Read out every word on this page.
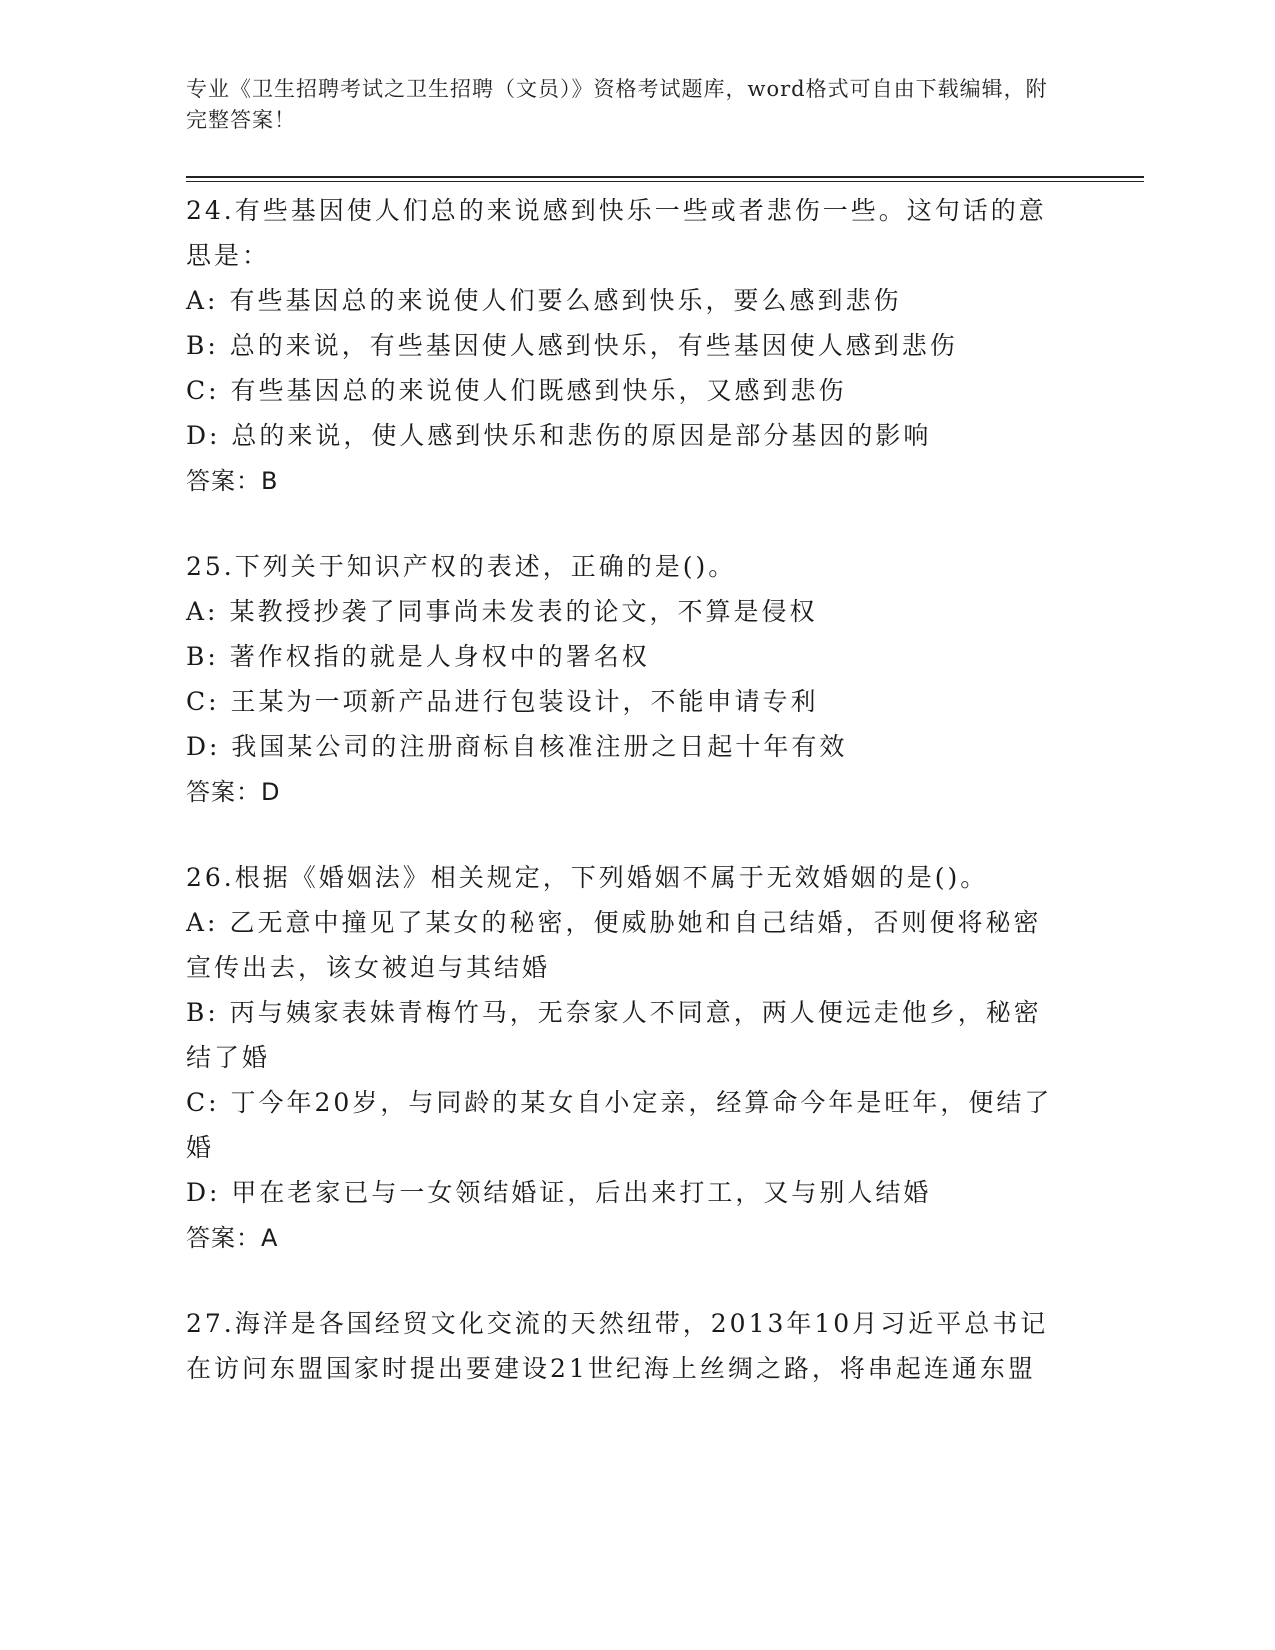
专业《卫生招聘考试之卫生招聘（文员）》资格考试题库，word格式可自由下载编辑，附完整答案！
24.有些基因使人们总的来说感到快乐一些或者悲伤一些。这句话的意思是：
A: 有些基因总的来说使人们要么感到快乐，要么感到悲伤
B: 总的来说，有些基因使人感到快乐，有些基因使人感到悲伤
C: 有些基因总的来说使人们既感到快乐，又感到悲伤
D: 总的来说，使人感到快乐和悲伤的原因是部分基因的影响
答案：B
25.下列关于知识产权的表述，正确的是()。
A: 某教授抄袭了同事尚未发表的论文，不算是侵权
B: 著作权指的就是人身权中的署名权
C: 王某为一项新产品进行包装设计，不能申请专利
D: 我国某公司的注册商标自核准注册之日起十年有效
答案：D
26.根据《婚姻法》相关规定，下列婚姻不属于无效婚姻的是()。
A: 乙无意中撞见了某女的秘密，便威胁她和自己结婚，否则便将秘密宣传出去，该女被迫与其结婚
B: 丙与姨家表妹青梅竹马，无奈家人不同意，两人便远走他乡，秘密结了婚
C: 丁今年20岁，与同龄的某女自小定亲，经算命今年是旺年，便结了婚
D: 甲在老家已与一女领结婚证，后出来打工，又与别人结婚
答案：A
27.海洋是各国经贸文化交流的天然纽带，2013年10月习近平总书记在访问东盟国家时提出要建设21世纪海上丝绸之路，将串起连通东盟
